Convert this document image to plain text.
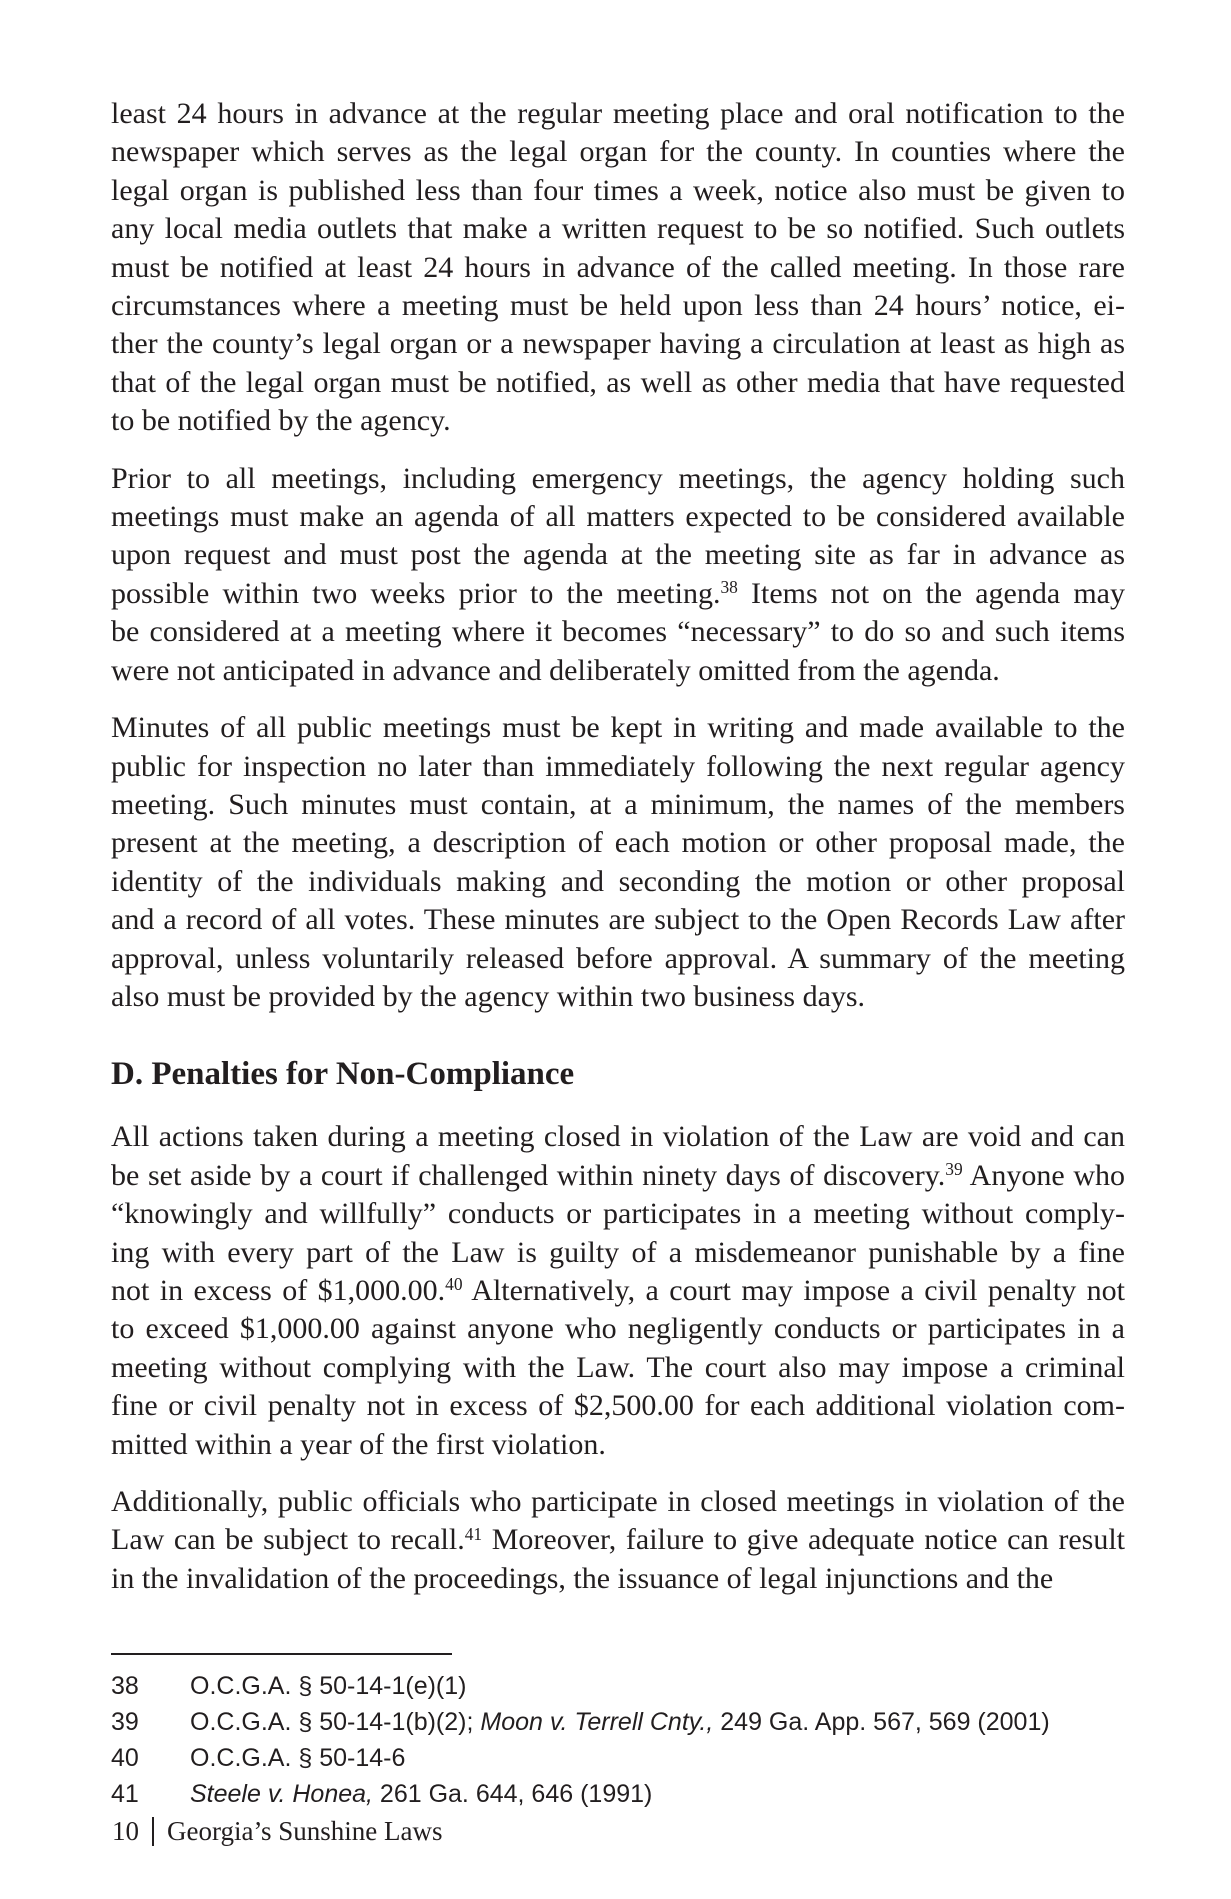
least 24 hours in advance at the regular meeting place and oral notification to the
newspaper which serves as the legal organ for the county. In counties where the
legal organ is published less than four times a week, notice also must be given to
any local media outlets that make a written request to be so notified. Such outlets
must be notified at least 24 hours in advance of the called meeting. In those rare
circumstances where a meeting must be held upon less than 24 hours’ notice, ei-
ther the county’s legal organ or a newspaper having a circulation at least as high as
that of the legal organ must be notified, as well as other media that have requested
to be notified by the agency.
Prior to all meetings, including emergency meetings, the agency holding such
meetings must make an agenda of all matters expected to be considered available
upon request and must post the agenda at the meeting site as far in advance as
possible within two weeks prior to the meeting.$^{38}$ Items not on the agenda may
be considered at a meeting where it becomes “necessary” to do so and such items
were not anticipated in advance and deliberately omitted from the agenda.
Minutes of all public meetings must be kept in writing and made available to the
public for inspection no later than immediately following the next regular agency
meeting. Such minutes must contain, at a minimum, the names of the members
present at the meeting, a description of each motion or other proposal made, the
identity of the individuals making and seconding the motion or other proposal
and a record of all votes. These minutes are subject to the Open Records Law after
approval, unless voluntarily released before approval. A summary of the meeting
also must be provided by the agency within two business days.
D. Penalties for Non-Compliance
All actions taken during a meeting closed in violation of the Law are void and can
be set aside by a court if challenged within ninety days of discovery.$^{39}$ Anyone who
“knowingly and willfully” conducts or participates in a meeting without comply-
ing with every part of the Law is guilty of a misdemeanor punishable by a fine
not in excess of $1,000.00.40 Alternatively, a court may impose a civil penalty not
to exceed $1,000.00 against anyone who negligently conducts or participates in a
meeting without complying with the Law. The court also may impose a criminal
fine or civil penalty not in excess of $2,500.00 for each additional violation com-
mitted within a year of the first violation.
Additionally, public officials who participate in closed meetings in violation of the
Law can be subject to recall.$^{41}$ Moreover, failure to give adequate notice can result
in the invalidation of the proceedings, the issuance of legal injunctions and the
38 O.C.G.A. § 50-14-1(e)(1)
39 O.C.G.A. § 50-14-1(b)(2); Moon v. Terrell Cnty., 249 Ga. App. 567, 569 (2001)
40 O.C.G.A. § 50-14-6
41 Steele v. Honea, 261 Ga. 644, 646 (1991)
10 Georgia’s Sunshine Laws
